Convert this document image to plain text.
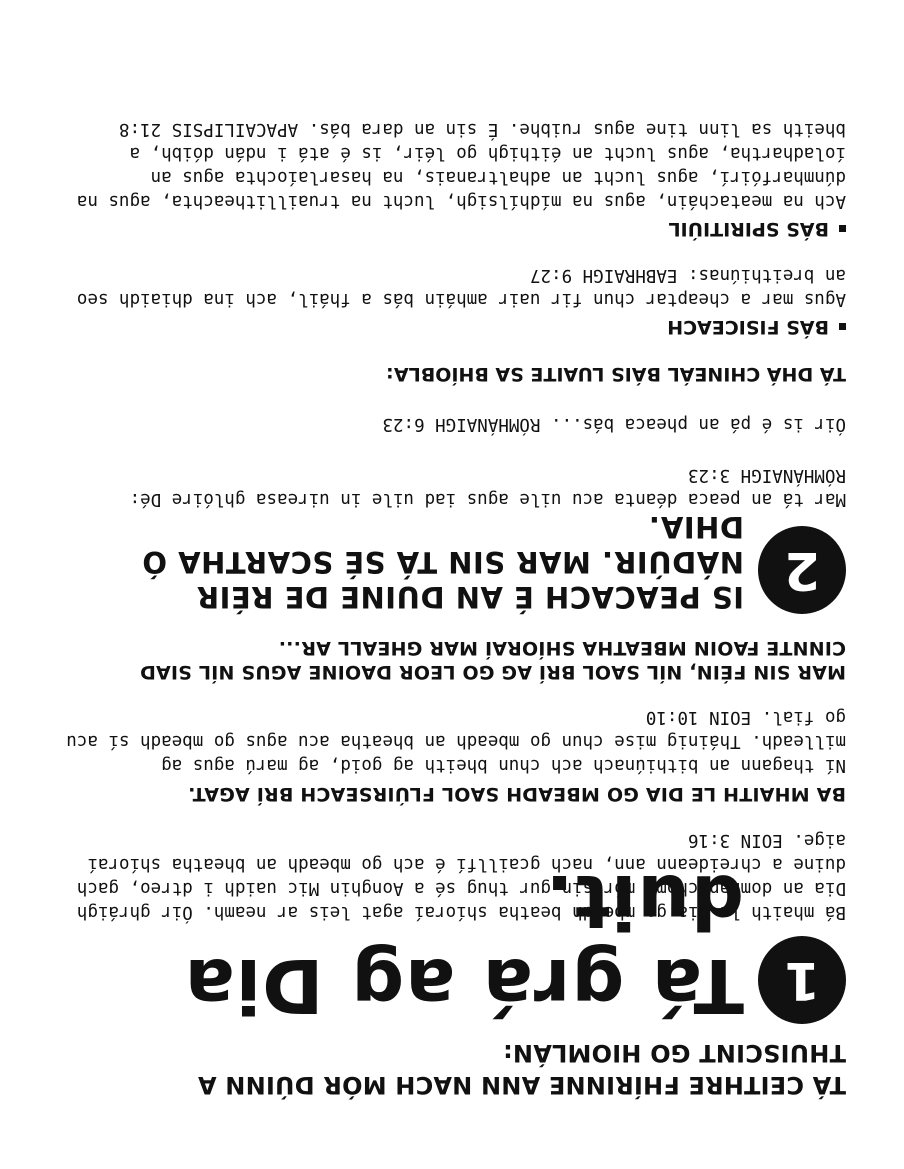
TÁ CEITHRE FHÍRINNE ANN NACH MÓR DÚINN A THUISCINT GO HIOMLÁN:
1
Tá grá ag Dia duit.
Bá mhaith le Dia go mbeadh beatha shíoraí agat leis ar neamh. Óir ghráigh Dia an domhan chomh mór sin gur thug sé a Aonghin Mic uaidh i dtreo, gach duine a chreideann ann, nach gcaillfí é ach go mbeadh an bheatha shíoraí aige. EOIN 3:16
BA MHAITH LE DIA GO MBEADH SAOL FLÚIRSEACH BRÍ AGAT.
Ní thagann an bithiúnach ach chun bheith ag goid, ag marú agus ag milleadh. Tháinig mise chun go mbeadh an bheatha acu agus go mbeadh sí acu go fial. EOIN 10:10
MAR SIN FÉIN, NÍL SAOL BRÍ AG GO LEOR DAOINE AGUS NÍL SIAD CINNTE FAOIN MBEATHA SHÍORAÍ MAR GHEALL AR...
2
IS PEACACH É AN DUINE DE RÉIR NÁDÚIR. MAR SIN TÁ SÉ SCARTHA Ó DHIA.
Mar tá an peaca déanta acu uile agus iad uile in uireasa ghlóire Dé: RÓMHÁNAIGH 3:23
Óir is é pá an pheaca bás... RÓMHÁNAIGH 6:23
TÁ DHÁ CHINEÁL BÁIS LUAITE SA BHÍOBLA:
BÁS FISICEACH
Agus mar a cheaptar chun fir uair amháin bás a fháil, ach ina dhiaidh seo an breithiúnas: EABHRAIGH 9:27
BÁS SPIRITIÚIL
Ach na meatacháin, agus na mídhílsigh, lucht na truaillitheachta, agus na dúnmharfóirí, agus lucht an adhaltranais, na hasarlaíochta agus an íoladhartha, agus lucht an éithigh go léir, is é atá i ndán dóibh, a bheith sa linn tine agus ruibhe. É sin an dara bás. APACAILIPSIS 21:8
